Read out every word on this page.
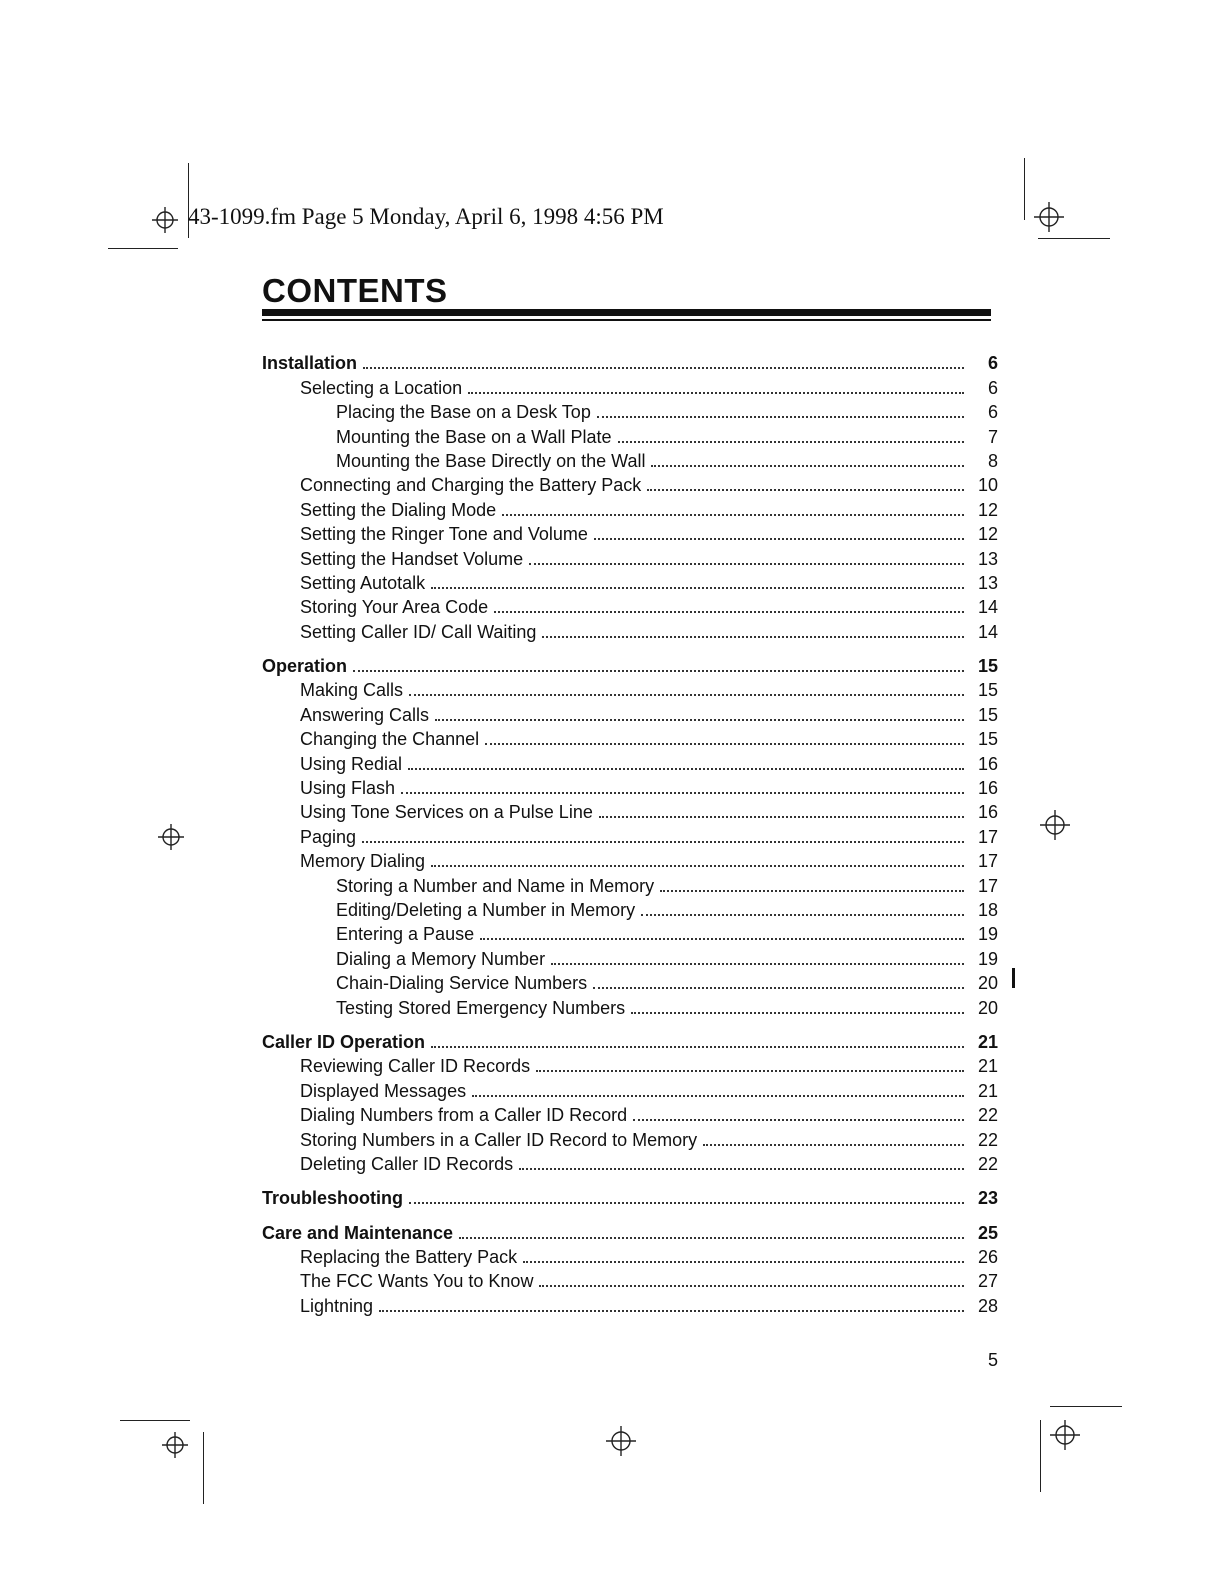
43-1099.fm Page 5 Monday, April 6, 1998 4:56 PM
CONTENTS
Installation	6
Selecting a Location	6
Placing the Base on a Desk Top	6
Mounting the Base on a Wall Plate	7
Mounting the Base Directly on the Wall	8
Connecting and Charging the Battery Pack	10
Setting the Dialing Mode	12
Setting the Ringer Tone and Volume	12
Setting the Handset Volume	13
Setting Autotalk	13
Storing Your Area Code	14
Setting Caller ID/ Call Waiting	14
Operation	15
Making Calls	15
Answering Calls	15
Changing the Channel	15
Using Redial	16
Using Flash	16
Using Tone Services on a Pulse Line	16
Paging	17
Memory Dialing	17
Storing a Number and Name in Memory	17
Editing/Deleting a Number in Memory	18
Entering a Pause	19
Dialing a Memory Number	19
Chain-Dialing Service Numbers	20
Testing Stored Emergency Numbers	20
Caller ID Operation	21
Reviewing Caller ID Records	21
Displayed Messages	21
Dialing Numbers from a Caller ID Record	22
Storing Numbers in a Caller ID Record to Memory	22
Deleting Caller ID Records	22
Troubleshooting	23
Care and Maintenance	25
Replacing the Battery Pack	26
The FCC Wants You to Know	27
Lightning	28
5
